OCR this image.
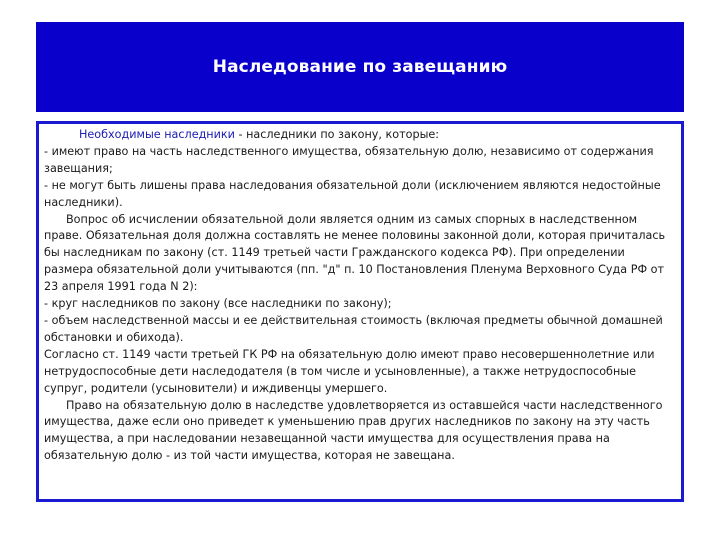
Наследование по завещанию

Необходимые наследники - наследники по закону, которые:

- имеют право на часть наследственного имущества, обязательную долю, независимо от содержания завещания;

- не могут быть лишены права наследования обязательной доли (исключением являются недостойные наследники).

Вопрос об исчислении обязательной доли является одним из самых спорных в наследственном праве. Обязательная доля должна составлять не менее половины законной доли, которая причиталась бы наследникам по закону (ст. 1149 третьей части Гражданского кодекса РФ). При определении размера обязательной доли учитываются (пп. "д" п. 10 Постановления Пленума Верховного Суда РФ от 23 апреля 1991 года N 2):

- круг наследников по закону (все наследники по закону);

- объем наследственной массы и ее действительная стоимость (включая предметы обычной домашней обстановки и обихода).

Согласно ст. 1149 части третьей ГК РФ на обязательную долю имеют право несовершеннолетние или нетрудоспособные дети наследодателя (в том числе и усыновленные), а также нетрудоспособные супруг, родители (усыновители) и иждивенцы умершего.

Право на обязательную долю в наследстве удовлетворяется из оставшейся части наследственного имущества, даже если оно приведет к уменьшению прав других наследников по закону на эту часть имущества, а при наследовании незавещанной части имущества для осуществления права на обязательную долю - из той части имущества, которая не завещана.
